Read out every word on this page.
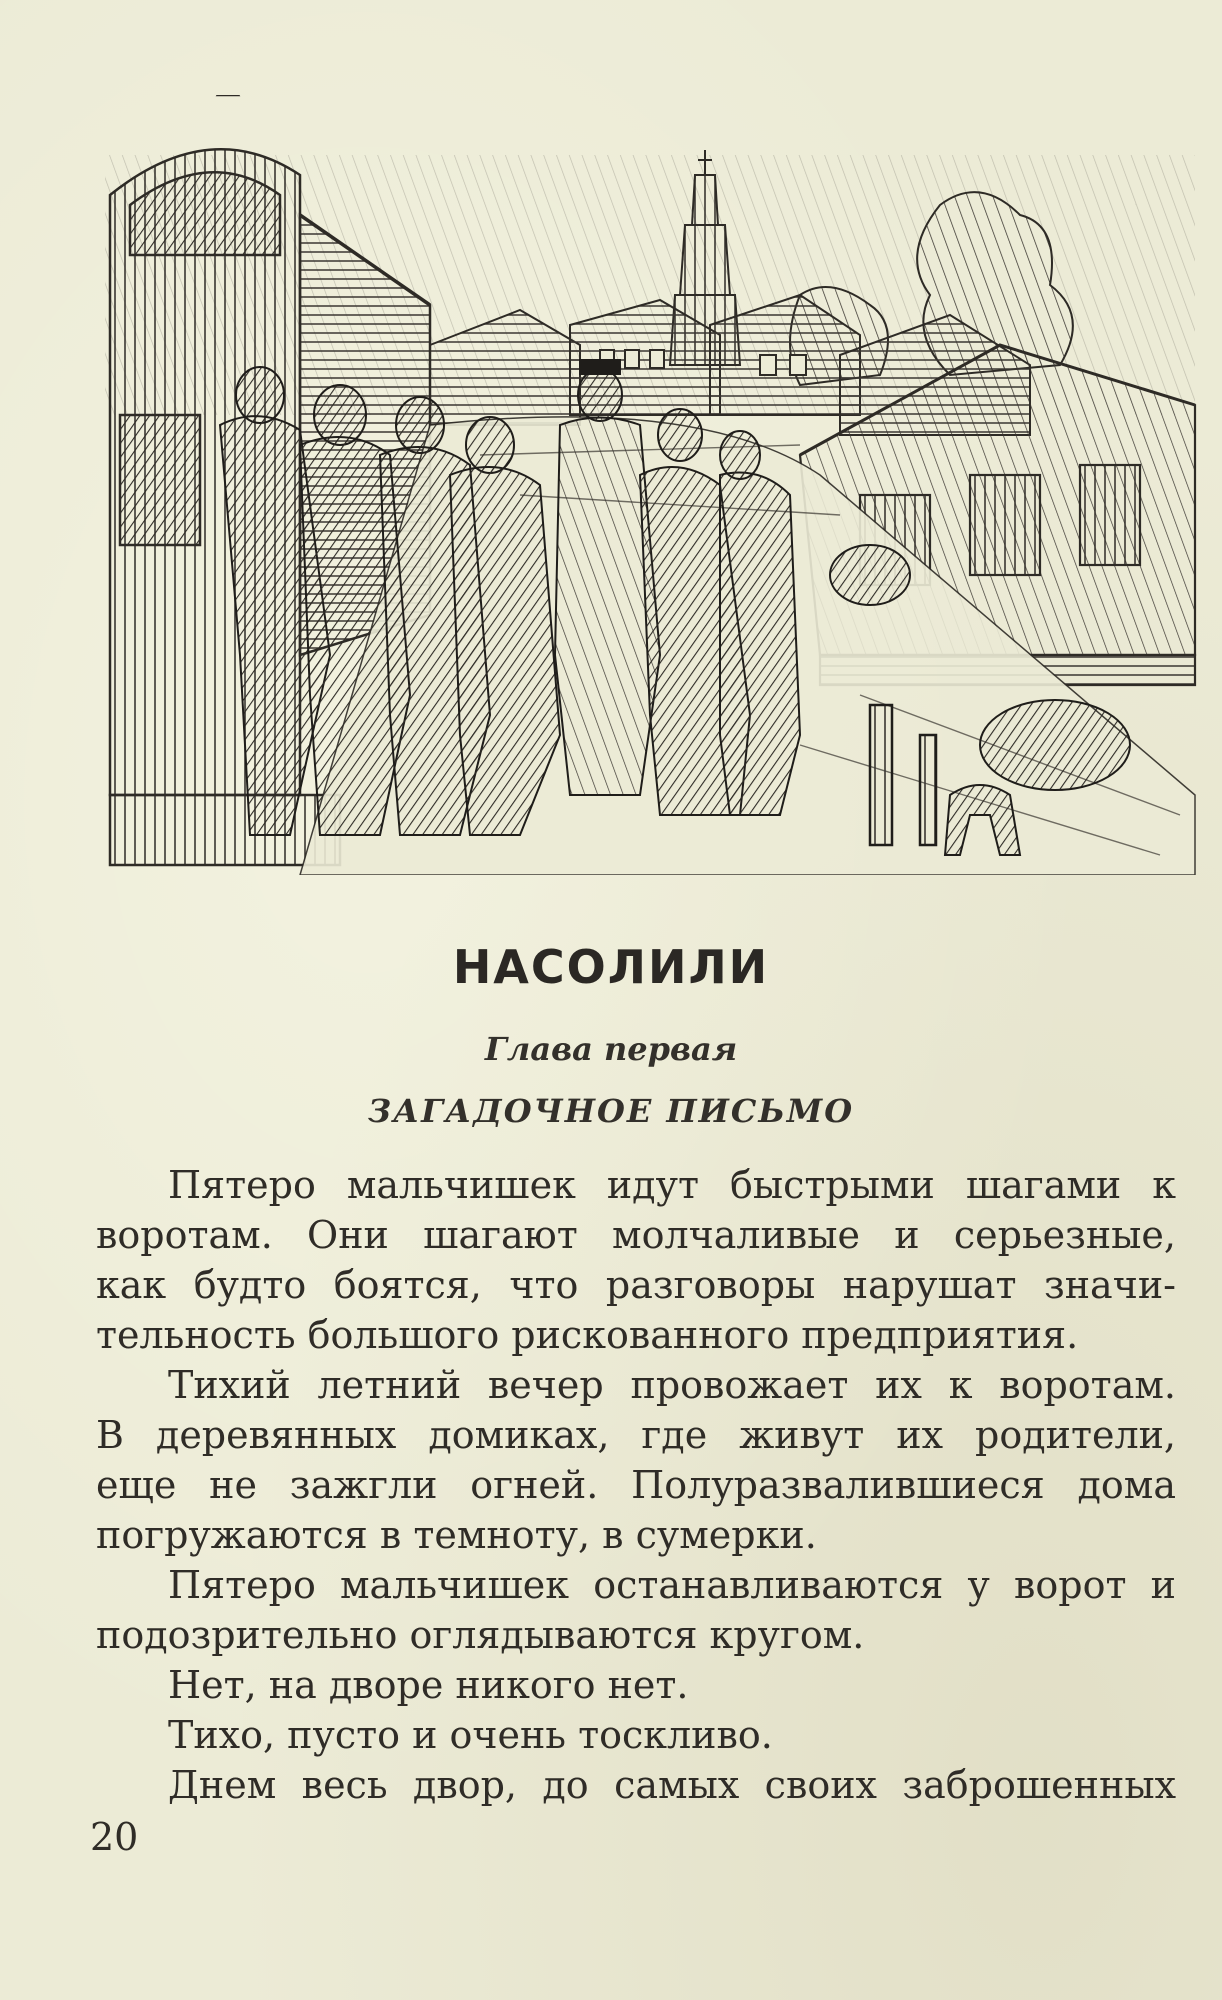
НАСОЛИЛИ
Глава первая
ЗАГАДОЧНОЕ ПИСЬМО
Пятеро мальчишек идут быстрыми шагами к
воротам. Они шагают молчаливые и серьезные,
как будто боятся, что разговоры нарушат значи-
тельность большого рискованного предприятия.
Тихий летний вечер провожает их к воротам.
В деревянных домиках, где живут их родители,
еще не зажгли огней. Полуразвалившиеся дома
погружаются в темноту, в сумерки.
Пятеро мальчишек останавливаются у ворот и
подозрительно оглядываются кругом.
Нет, на дворе никого нет.
Тихо, пусто и очень тоскливо.
Днем весь двор, до самых своих заброшенных
20
